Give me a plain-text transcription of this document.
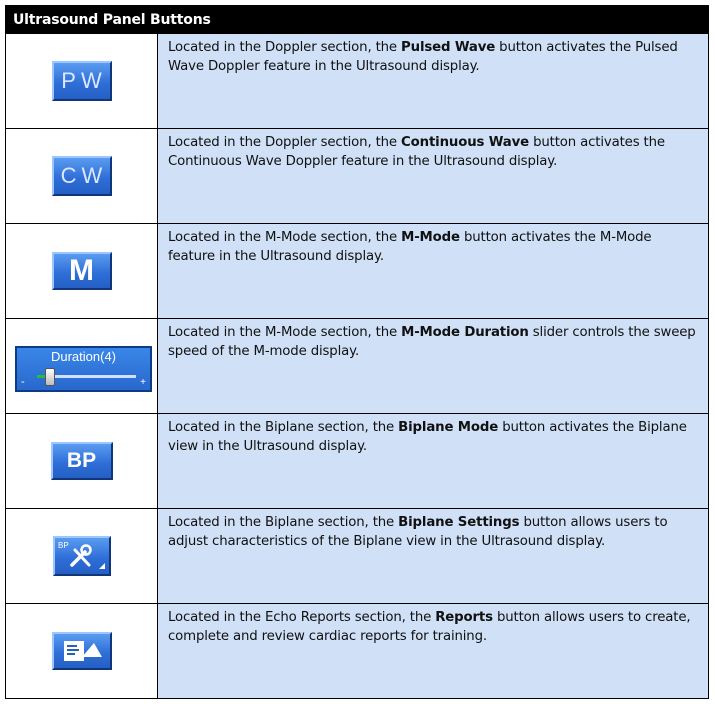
Ultrasound Panel Buttons
PW
Located in the Doppler section, the Pulsed Wave button activates the Pulsed Wave Doppler feature in the Ultrasound display.
CW
Located in the Doppler section, the Continuous Wave button activates the Continuous Wave Doppler feature in the Ultrasound display.
M
Located in the M-Mode section, the M-Mode button activates the M-Mode feature in the Ultrasound display.
Duration(4)
-	+
Located in the M-Mode section, the M-Mode Duration slider controls the sweep speed of the M-mode display.
BP
Located in the Biplane section, the Biplane Mode button activates the Biplane view in the Ultrasound display.
BP
Located in the Biplane section, the Biplane Settings button allows users to adjust characteristics of the Biplane view in the Ultrasound display.
Located in the Echo Reports section, the Reports button allows users to create, complete and review cardiac reports for training.
